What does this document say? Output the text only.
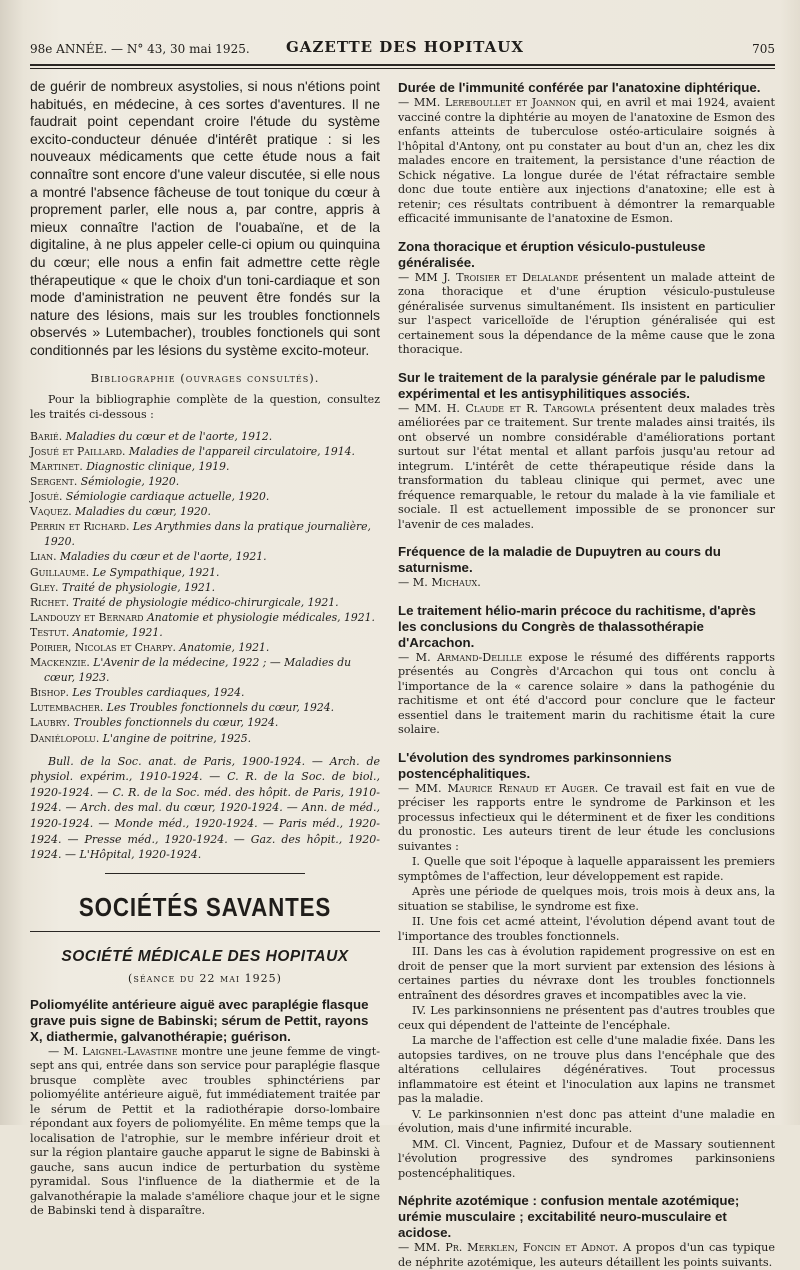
98e ANNÉE. — N° 43, 30 mai 1925. GAZETTE DES HOPITAUX	705

de guérir de nombreux asystolies, si nous n'étions point habitués, en médecine, à ces sortes d'aventures. Il ne faudrait point cependant croire l'étude du système excito-conducteur dénuée d'intérêt pratique : si les nouveaux médicaments que cette étude nous a fait connaître sont encore d'une valeur discutée, si elle nous a montré l'absence fâcheuse de tout tonique du cœur à proprement parler, elle nous a, par contre, appris à mieux connaître l'action de l'ouabaïne, et de la digitaline, à ne plus appeler celle-ci opium ou quinquina du cœur; elle nous a enfin fait admettre cette règle thérapeutique « que le choix d'un toni-cardiaque et son mode d'aministration ne peuvent être fondés sur la nature des lésions, mais sur les troubles fonctionnels observés » Lutembacher), troubles fonctionels qui sont conditionnés par les lésions du système excito-moteur.

Bibliographie (ouvrages consultés).

Pour la bibliographie complète de la question, consultez les traités ci-dessous :

Barié. Maladies du cœur et de l'aorte, 1912.

Josué et Paillard. Maladies de l'appareil circulatoire, 1914.

Martinet. Diagnostic clinique, 1919.

Sergent. Sémiologie, 1920.

Josué. Sémiologie cardiaque actuelle, 1920.

Vaquez. Maladies du cœur, 1920.

Perrin et Richard. Les Arythmies dans la pratique journalière, 1920.

Lian. Maladies du cœur et de l'aorte, 1921.

Guillaume. Le Sympathique, 1921.

Gley. Traité de physiologie, 1921.

Richet. Traité de physiologie médico-chirurgicale, 1921.

Landouzy et Bernard Anatomie et physiologie médicales, 1921.

Testut. Anatomie, 1921.

Poirier, Nicolas et Charpy. Anatomie, 1921.

Mackenzie. L'Avenir de la médecine, 1922 ; — Maladies du cœur, 1923.

Bishop. Les Troubles cardiaques, 1924.

Lutembacher. Les Troubles fonctionnels du cœur, 1924.

Laubry. Troubles fonctionnels du cœur, 1924.

Daniélopolu. L'angine de poitrine, 1925.

Bull. de la Soc. anat. de Paris, 1900-1924. — Arch. de physiol. expérim., 1910-1924. — C. R. de la Soc. de biol., 1920-1924. — C. R. de la Soc. méd. des hôpit. de Paris, 1910-1924. — Arch. des mal. du cœur, 1920-1924. — Ann. de méd., 1920-1924. — Monde méd., 1920-1924. — Paris méd., 1920-1924. — Presse méd., 1920-1924. — Gaz. des hôpit., 1920-1924. — L'Hôpital, 1920-1924.

SOCIÉTÉS SAVANTES
SOCIÉTÉ MÉDICALE DES HOPITAUX
(séance du 22 mai 1925)

Poliomyélite antérieure aiguë avec paraplégie flasque grave puis signe de Babinski; sérum de Pettit, rayons X, diathermie, galvanothérapie; guérison.

— M. Laignel-Lavastine montre une jeune femme de vingt-sept ans qui, entrée dans son service pour paraplégie flasque brusque complète avec troubles sphinctériens par poliomyélite antérieure aiguë, fut immédiatement traitée par le sérum de Pettit et la radiothérapie dorso-lombaire répondant aux foyers de poliomyélite. En même temps que la localisation de l'atrophie, sur le membre inférieur droit et sur la région plantaire gauche apparut le signe de Babinski à gauche, sans aucun indice de perturbation du système pyramidal. Sous l'influence de la diathermie et de la galvanothérapie la malade s'améliore chaque jour et le signe de Babinski tend à disparaître.

Durée de l'immunité conférée par l'anatoxine diphtérique.

— MM. Lereboullet et Joannon qui, en avril et mai 1924, avaient vacciné contre la diphtérie au moyen de l'anatoxine de Esmon des enfants atteints de tuberculose ostéo-articulaire soignés à l'hôpital d'Antony, ont pu constater au bout d'un an, chez les dix malades encore en traitement, la persistance d'une réaction de Schick négative. La longue durée de l'état réfractaire semble donc due toute entière aux injections d'anatoxine; elle est à retenir; ces résultats contribuent à démontrer la remarquable efficacité immunisante de l'anatoxine de Esmon.

Zona thoracique et éruption vésiculo-pustuleuse généralisée.

— MM J. Troisier et Delalande présentent un malade atteint de zona thoracique et d'une éruption vésiculo-pustuleuse généralisée survenus simultanément. Ils insistent en particulier sur l'aspect varicelloïde de l'éruption généralisée qui est certainement sous la dépendance de la même cause que le zona thoracique.

Sur le traitement de la paralysie générale par le paludisme expérimental et les antisyphilitiques associés.

— MM. H. Claude et R. Targowla présentent deux malades très améliorées par ce traitement. Sur trente malades ainsi traités, ils ont observé un nombre considérable d'améliorations portant surtout sur l'état mental et allant parfois jusqu'au retour ad integrum. L'intérêt de cette thérapeutique réside dans la transformation du tableau clinique qui permet, avec une fréquence remarquable, le retour du malade à la vie familiale et sociale. Il est actuellement impossible de se prononcer sur l'avenir de ces malades.

Fréquence de la maladie de Dupuytren au cours du saturnisme.

— M. Michaux.

Le traitement hélio-marin précoce du rachitisme, d'après les conclusions du Congrès de thalassothérapie d'Arcachon.

— M. Armand-Delille expose le résumé des différents rapports présentés au Congrès d'Arcachon qui tous ont conclu à l'importance de la « carence solaire » dans la pathogénie du rachitisme et ont été d'accord pour conclure que le facteur essentiel dans le traitement marin du rachitisme était la cure solaire.

L'évolution des syndromes parkinsonniens postencéphalitiques.

— MM. Maurice Renaud et Auger. Ce travail est fait en vue de préciser les rapports entre le syndrome de Parkinson et les processus infectieux qui le déterminent et de fixer les conditions du pronostic. Les auteurs tirent de leur étude les conclusions suivantes :

I. Quelle que soit l'époque à laquelle apparaissent les premiers symptômes de l'affection, leur développement est rapide.

Après une période de quelques mois, trois mois à deux ans, la situation se stabilise, le syndrome est fixe.

II. Une fois cet acmé atteint, l'évolution dépend avant tout de l'importance des troubles fonctionnels.

III. Dans les cas à évolution rapidement progressive on est en droit de penser que la mort survient par extension des lésions à certaines parties du névraxe dont les troubles fonctionnels entraînent des désordres graves et incompatibles avec la vie.

IV. Les parkinsonniens ne présentent pas d'autres troubles que ceux qui dépendent de l'atteinte de l'encéphale.

La marche de l'affection est celle d'une maladie fixée. Dans les autopsies tardives, on ne trouve plus dans l'encéphale que des altérations cellulaires dégénératives. Tout processus inflammatoire est éteint et l'inoculation aux lapins ne transmet pas la maladie.

V. Le parkinsonnien n'est donc pas atteint d'une maladie en évolution, mais d'une infirmité incurable.

MM. Cl. Vincent, Pagniez, Dufour et de Massary soutiennent l'évolution progressive des syndromes parkinsoniens postencéphalitiques.

Néphrite azotémique : confusion mentale azotémique; urémie musculaire ; excitabilité neuro-musculaire et acidose.

— MM. Pr. Merklen, Foncin et Adnot. A propos d'un cas typique de néphrite azotémique, les auteurs détaillent les points suivants.
